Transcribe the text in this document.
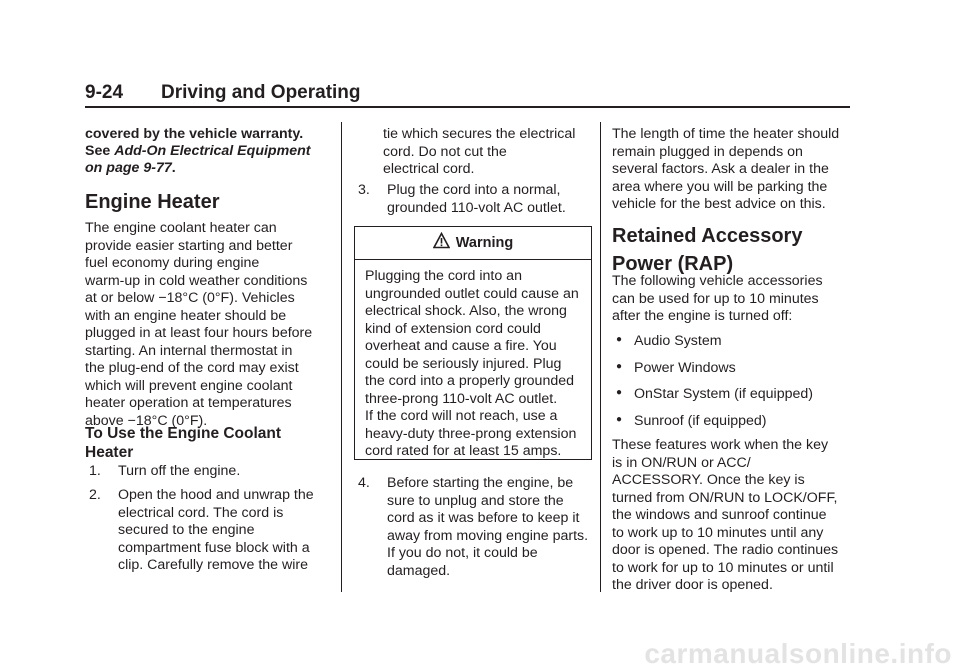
9-24 Driving and Operating
covered by the vehicle warranty.
See Add-On Electrical Equipment
on page 9-77.
Engine Heater
The engine coolant heater can
provide easier starting and better
fuel economy during engine
warm-up in cold weather conditions
at or below −18°C (0°F). Vehicles
with an engine heater should be
plugged in at least four hours before
starting. An internal thermostat in
the plug-end of the cord may exist
which will prevent engine coolant
heater operation at temperatures
above −18°C (0°F).
To Use the Engine Coolant
Heater
1. Turn off the engine.
2. Open the hood and unwrap the
electrical cord. The cord is
secured to the engine
compartment fuse block with a
clip. Carefully remove the wire
tie which secures the electrical
cord. Do not cut the
electrical cord.
3. Plug the cord into a normal,
grounded 110-volt AC outlet.
Warning
Plugging the cord into an
ungrounded outlet could cause an
electrical shock. Also, the wrong
kind of extension cord could
overheat and cause a fire. You
could be seriously injured. Plug
the cord into a properly grounded
three-prong 110-volt AC outlet.
If the cord will not reach, use a
heavy-duty three-prong extension
cord rated for at least 15 amps.
4. Before starting the engine, be
sure to unplug and store the
cord as it was before to keep it
away from moving engine parts.
If you do not, it could be
damaged.
The length of time the heater should
remain plugged in depends on
several factors. Ask a dealer in the
area where you will be parking the
vehicle for the best advice on this.
Retained Accessory
Power (RAP)
The following vehicle accessories
can be used for up to 10 minutes
after the engine is turned off:
● Audio System
● Power Windows
● OnStar System (if equipped)
● Sunroof (if equipped)
These features work when the key
is in ON/RUN or ACC/
ACCESSORY. Once the key is
turned from ON/RUN to LOCK/OFF,
the windows and sunroof continue
to work up to 10 minutes until any
door is opened. The radio continues
to work for up to 10 minutes or until
the driver door is opened.
carmanualsonline.info
